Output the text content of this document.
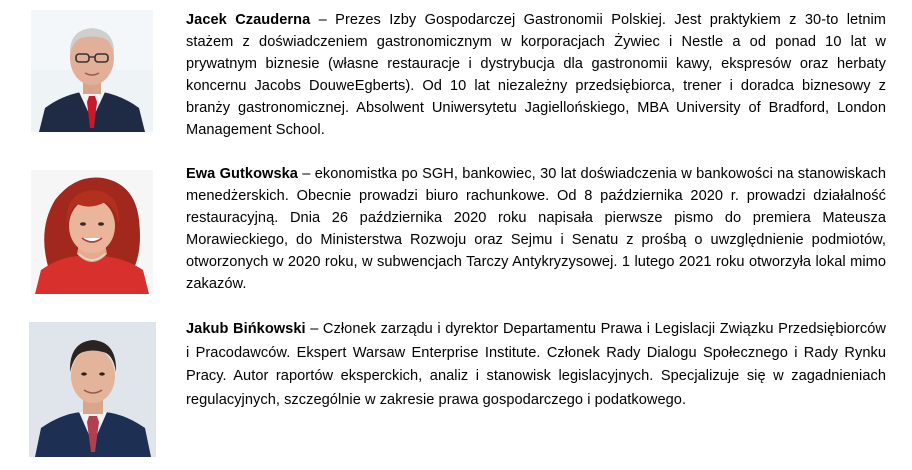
Jacek Czauderna – Prezes Izby Gospodarczej Gastronomii Polskiej. Jest praktykiem z 30-to letnim stażem z doświadczeniem gastronomicznym w korporacjach Żywiec i Nestle a od ponad 10 lat w prywatnym biznesie (własne restauracje i dystrybucja dla gastronomii kawy, ekspresów oraz herbaty koncernu Jacobs DouweEgberts). Od 10 lat niezależny przedsiębiorca, trener i doradca biznesowy z branży gastronomicznej. Absolwent Uniwersytetu Jagiellońskiego, MBA University of Bradford, London Management School.
Ewa Gutkowska – ekonomistka po SGH, bankowiec, 30 lat doświadczenia w bankowości na stanowiskach menedżerskich. Obecnie prowadzi biuro rachunkowe. Od 8 października 2020 r. prowadzi działalność restauracyjną. Dnia 26 października 2020 roku napisała pierwsze pismo do premiera Mateusza Morawieckiego, do Ministerstwa Rozwoju oraz Sejmu i Senatu z prośbą o uwzględnienie podmiotów, otworzonych w 2020 roku, w subwencjach Tarczy Antykryzysowej. 1 lutego 2021 roku otworzyła lokal mimo zakazów.
Jakub Bińkowski – Członek zarządu i dyrektor Departamentu Prawa i Legislacji Związku Przedsiębiorców i Pracodawców. Ekspert Warsaw Enterprise Institute. Członek Rady Dialogu Społecznego i Rady Rynku Pracy. Autor raportów eksperckich, analiz i stanowisk legislacyjnych. Specjalizuje się w zagadnieniach regulacyjnych, szczególnie w zakresie prawa gospodarczego i podatkowego.
